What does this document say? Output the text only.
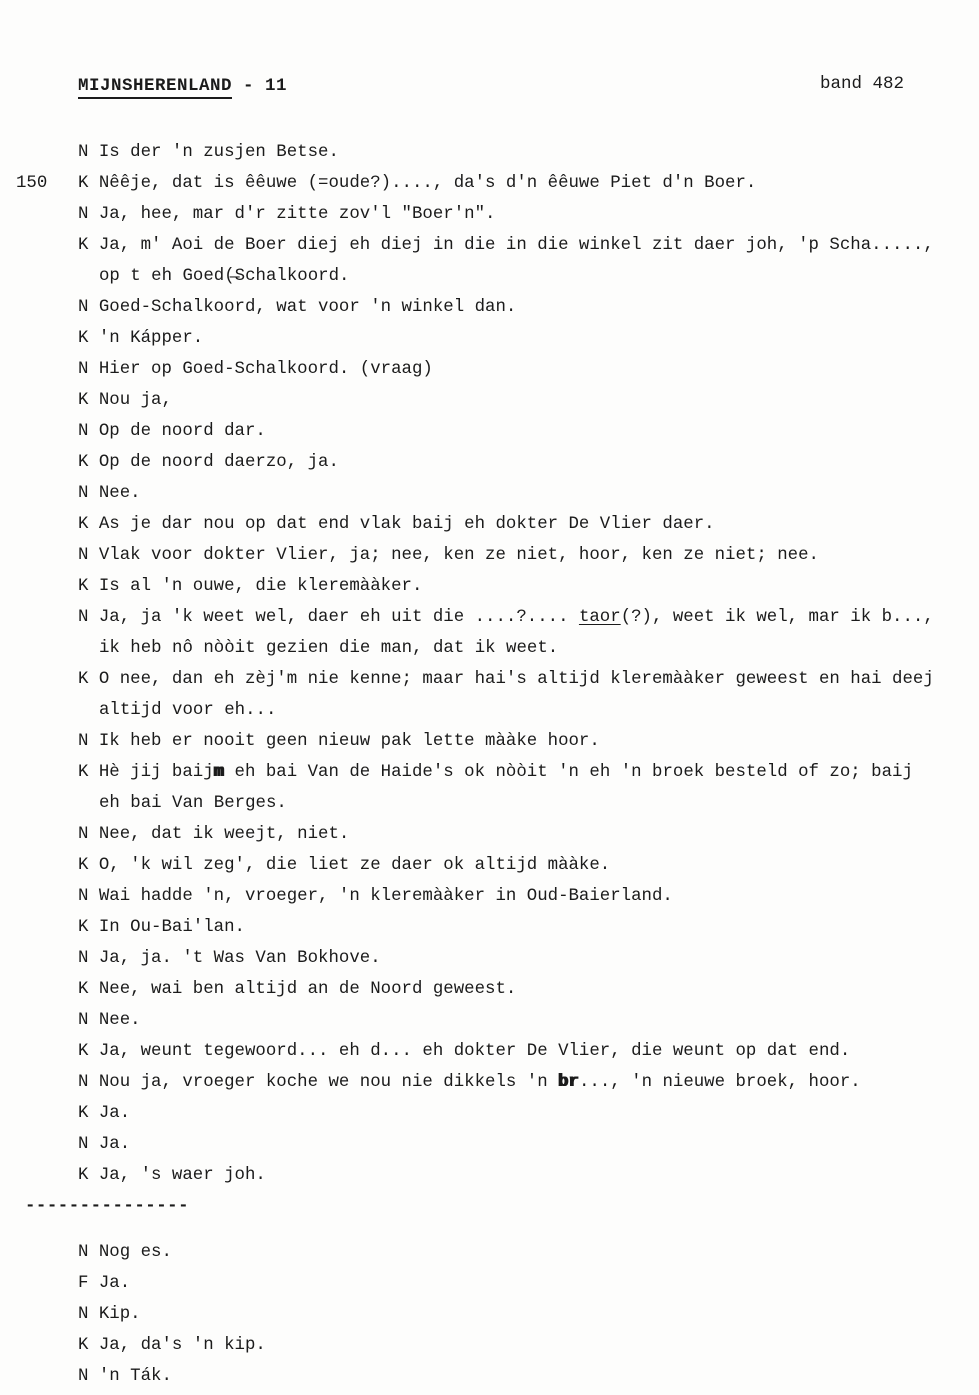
MIJNSHERENLAND - 11	band 482
N Is der 'n zusjen Betse.
150 K Nêêje, dat is êêuwe (=oude?)...., da's d'n êêuwe Piet d'n Boer.
N Ja, hee, mar d'r zitte zov'l "Boer'n".
K Ja, m' Aoi de Boer diej eh diej in die in die winkel zit daer joh, 'p Scha.....,
op t eh Goed(̶Schalkoord.
N Goed-Schalkoord, wat voor 'n winkel dan.
K 'n Kápper.
N Hier op Goed-Schalkoord. (vraag)
K Nou ja,
N Op de noord dar.
K Op de noord daerzo, ja.
N Nee.
K As je dar nou op dat end vlak baij eh dokter De Vlier daer.
N Vlak voor dokter Vlier, ja; nee, ken ze niet, hoor, ken ze niet; nee.
K Is al 'n ouwe, die kleremààker.
N Ja, ja 'k weet wel, daer eh uit die ....?.... taor(?), weet ik wel, mar ik b...,
ik heb nô nòòit gezien die man, dat ik weet.
K O nee, dan eh zèj'm nie kenne; maar hai's altijd kleremààker geweest en hai deej
altijd voor eh...
N Ik heb er nooit geen nieuw pak lette mààke hoor.
K Hè jij baijm eh bai Van de Haide's ok nòòit 'n eh 'n broek besteld of zo; baij
eh bai Van Berges.
N Nee, dat ik weejt, niet.
K O, 'k wil zeg', die liet ze daer ok altijd mààke.
N Wai hadde 'n, vroeger, 'n kleremààker in Oud-Baierland.
K In Ou-Bai'lan.
N Ja, ja. 't Was Van Bokhove.
K Nee, wai ben altijd an de Noord geweest.
N Nee.
K Ja, weunt tegewoord... eh d... eh dokter De Vlier, die weunt op dat end.
N Nou ja, vroeger koche we nou nie dikkels 'n br..., 'n nieuwe broek, hoor.
K Ja.
N Ja.
K Ja, 's waer joh.
---------------
N Nog es.
F Ja.
N Kip.
K Ja, da's 'n kip.
N 'n Ták.
